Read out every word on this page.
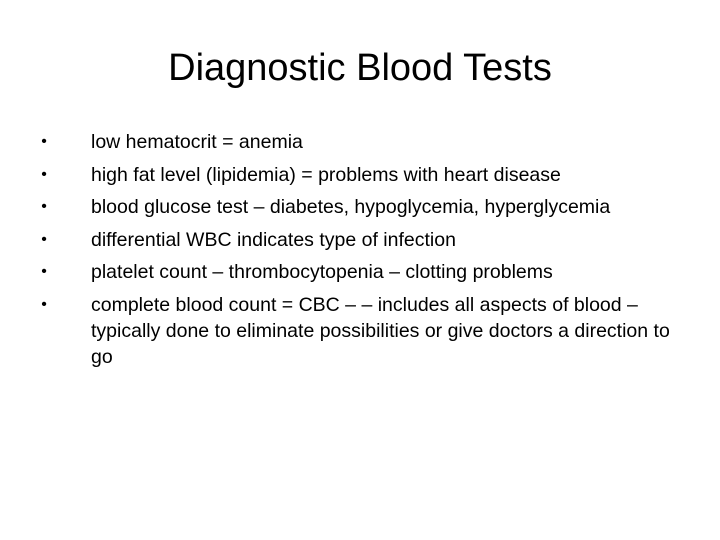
Diagnostic Blood Tests
• low hematocrit = anemia
• high fat level (lipidemia) = problems with heart disease
• blood glucose test – diabetes, hypoglycemia, hyperglycemia
• differential WBC indicates type of infection
• platelet count – thrombocytopenia – clotting problems
• complete blood count = CBC – – includes all aspects of blood – typically done to eliminate possibilities or give doctors a direction to go
